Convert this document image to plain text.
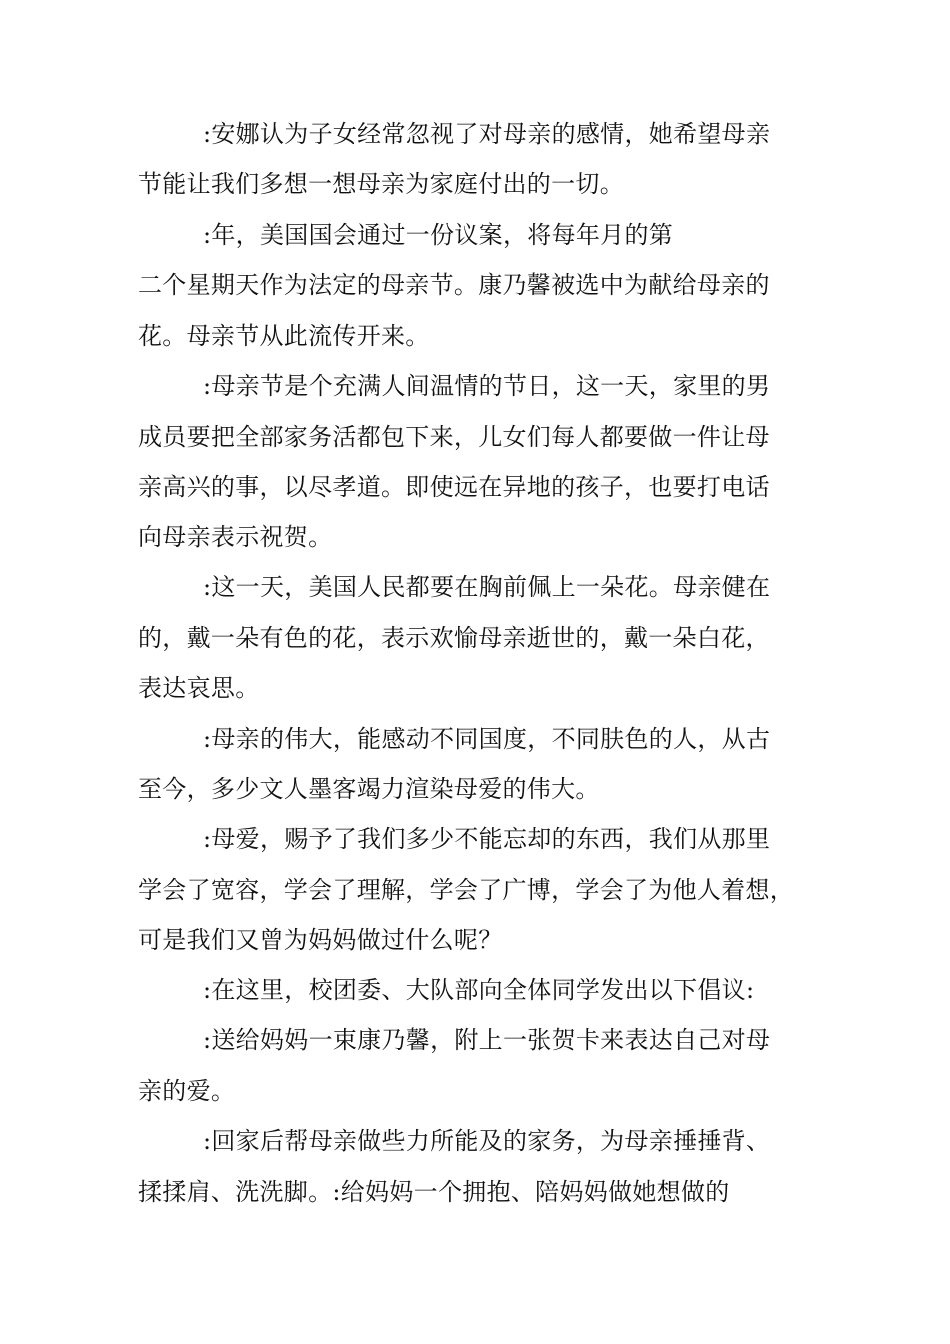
:安娜认为子女经常忽视了对母亲的感情，她希望母亲
节能让我们多想一想母亲为家庭付出的一切。
:年，美国国会通过一份议案，将每年月的第
二个星期天作为法定的母亲节。康乃馨被选中为献给母亲的
花。母亲节从此流传开来。
:母亲节是个充满人间温情的节日，这一天，家里的男
成员要把全部家务活都包下来，儿女们每人都要做一件让母
亲高兴的事，以尽孝道。即使远在异地的孩子，也要打电话
向母亲表示祝贺。
:这一天，美国人民都要在胸前佩上一朵花。母亲健在
的，戴一朵有色的花，表示欢愉母亲逝世的，戴一朵白花，
表达哀思。
:母亲的伟大，能感动不同国度，不同肤色的人，从古
至今，多少文人墨客竭力渲染母爱的伟大。
:母爱，赐予了我们多少不能忘却的东西，我们从那里
学会了宽容，学会了理解，学会了广博，学会了为他人着想，
可是我们又曾为妈妈做过什么呢？
:在这里，校团委、大队部向全体同学发出以下倡议:
:送给妈妈一束康乃馨，附上一张贺卡来表达自己对母
亲的爱。
:回家后帮母亲做些力所能及的家务，为母亲捶捶背、
揉揉肩、洗洗脚。:给妈妈一个拥抱、陪妈妈做她想做的
